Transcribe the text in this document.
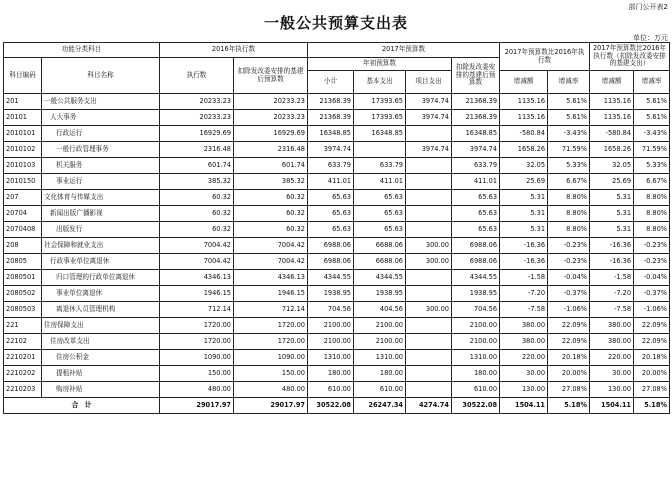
部门公开表2
一般公共预算支出表
单位：万元
功能分类科目		2016年执行数		2017年预算数				2017年预算数比2016年执行数		2017年预算数比2016年执行数（扣除发改委安排的基建支出）	
科目编码	科目名称	执行数	扣除发改委安排的基建后预算数	年初预算数			扣除发改委安排的基建后预算数				
				小计	基本支出	项目支出		增减额	增减率	增减额	增减率
201	一般公共服务支出	20233.23	20233.23	21368.39	17393.65	3974.74	21368.39	1135.16	5.61%	1135.16	5.61%
20101	人大事务	20233.23	20233.23	21368.39	17393.65	3974.74	21368.39	1135.16	5.61%	1135.16	5.61%
2010101	行政运行	16929.69	16929.69	16348.85	16348.85		16348.85	-580.84	-3.43%	-580.84	-3.43%
2010102	一般行政管理事务	2316.48	2316.48	3974.74		3974.74	3974.74	1658.26	71.59%	1658.26	71.59%
2010103	机关服务	601.74	601.74	633.79	633.79		633.79	32.05	5.33%	32.05	5.33%
2010150	事业运行	385.32	385.32	411.01	411.01		411.01	25.69	6.67%	25.69	6.67%
207	文化体育与传媒支出	60.32	60.32	65.63	65.63		65.63	5.31	8.80%	5.31	8.80%
20704	新闻出版广播影视	60.32	60.32	65.63	65.63		65.63	5.31	8.80%	5.31	8.80%
2070408	出版发行	60.32	60.32	65.63	65.63		65.63	5.31	8.80%	5.31	8.80%
208	社会保障和就业支出	7004.42	7004.42	6988.06	6688.06	300.00	6988.06	-16.36	-0.23%	-16.36	-0.23%
20805	行政事业单位离退休	7004.42	7004.42	6988.06	6688.06	300.00	6988.06	-16.36	-0.23%	-16.36	-0.23%
2080501	归口管理的行政单位离退休	4346.13	4346.13	4344.55	4344.55		4344.55	-1.58	-0.04%	-1.58	-0.04%
2080502	事业单位离退休	1946.15	1946.15	1938.95	1938.95		1938.95	-7.20	-0.37%	-7.20	-0.37%
2080503	离退休人员管理机构	712.14	712.14	704.56	404.56	300.00	704.56	-7.58	-1.06%	-7.58	-1.06%
221	住房保障支出	1720.00	1720.00	2100.00	2100.00		2100.00	380.00	22.09%	380.00	22.09%
22102	住房改革支出	1720.00	1720.00	2100.00	2100.00		2100.00	380.00	22.09%	380.00	22.09%
2210201	住房公积金	1090.00	1090.00	1310.00	1310.00		1310.00	220.00	20.18%	220.00	20.18%
2210202	提租补贴	150.00	150.00	180.00	180.00		180.00	30.00	20.00%	30.00	20.00%
2210203	购房补贴	480.00	480.00	610.00	610.00		610.00	130.00	27.08%	130.00	27.08%
合　计		29017.97	29017.97	30522.08	26247.34	4274.74	30522.08	1504.11	5.18%	1504.11	5.18%
